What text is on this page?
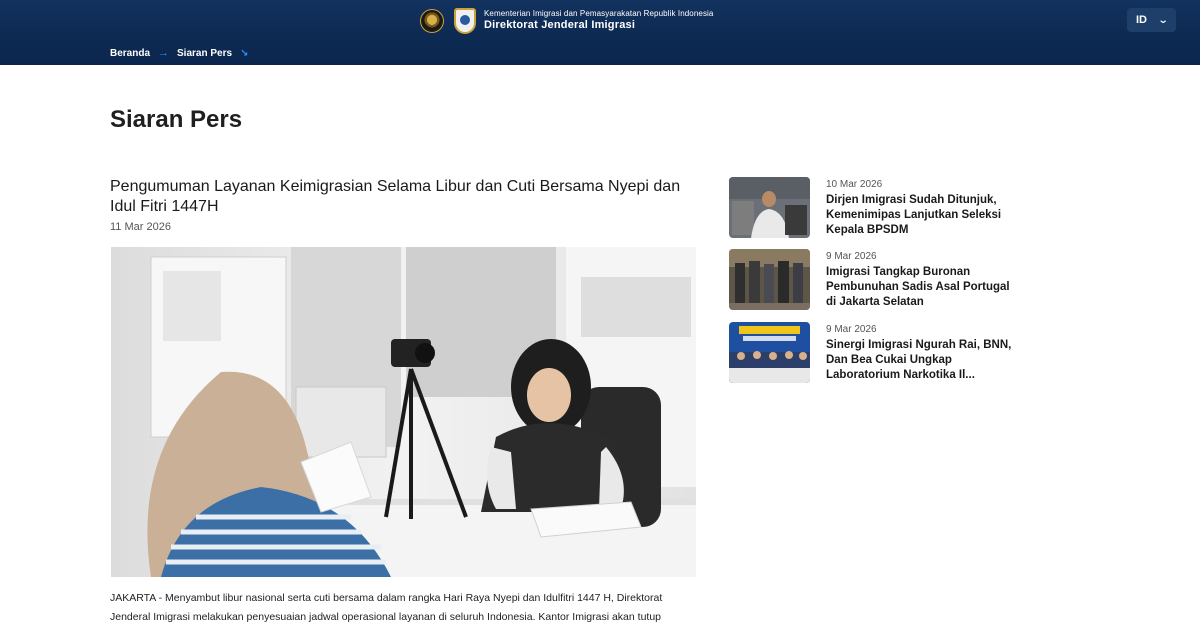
Kementerian Imigrasi dan Pemasyarakatan Republik Indonesia
Direktorat Jenderal Imigrasi	ID ⌄
Beranda → Siaran Pers ↘
Siaran Pers
Pengumuman Layanan Keimigrasian Selama Libur dan Cuti Bersama Nyepi dan Idul Fitri 1447H
11 Mar 2026
JAKARTA - Menyambut libur nasional serta cuti bersama dalam rangka Hari Raya Nyepi dan Idulfitri 1447 H, Direktorat Jenderal Imigrasi melakukan penyesuaian jadwal operasional layanan di seluruh Indonesia. Kantor Imigrasi akan tutup
10 Mar 2026
Dirjen Imigrasi Sudah Ditunjuk, Kemenimipas Lanjutkan Seleksi Kepala BPSDM
9 Mar 2026
Imigrasi Tangkap Buronan Pembunuhan Sadis Asal Portugal di Jakarta Selatan
9 Mar 2026
Sinergi Imigrasi Ngurah Rai, BNN, Dan Bea Cukai Ungkap Laboratorium Narkotika Il...
